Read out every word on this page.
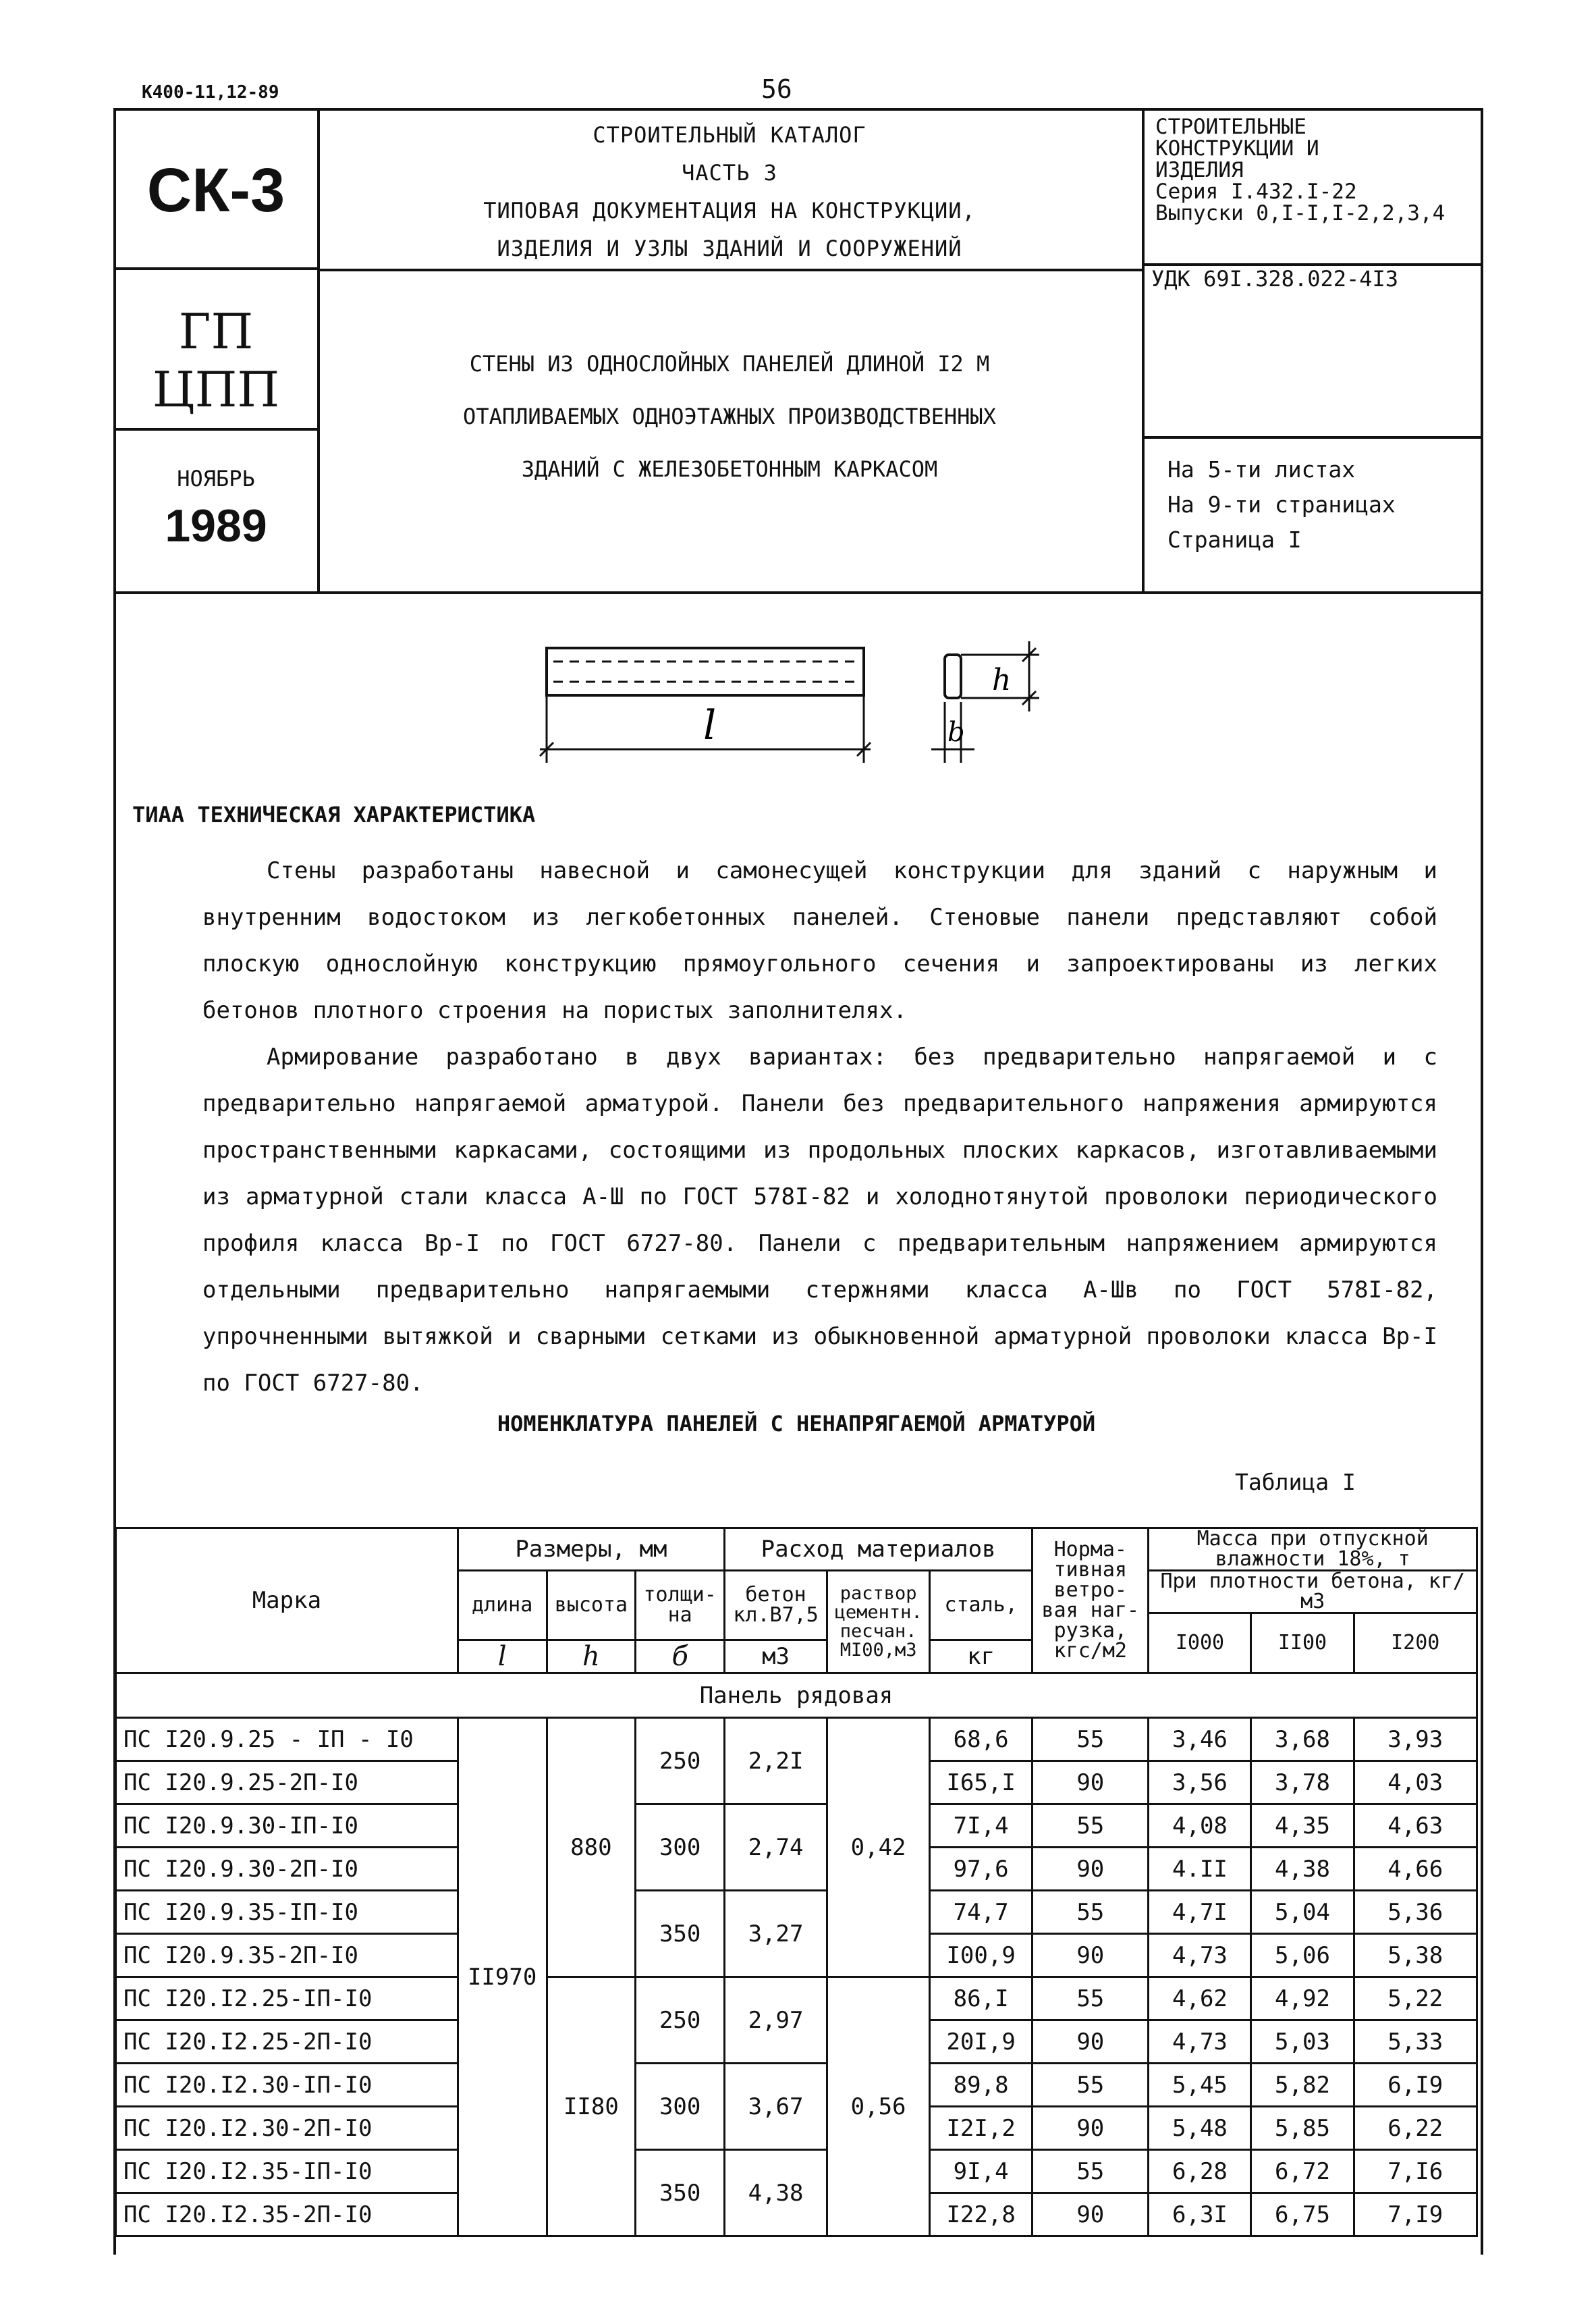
К400-11,12-89	56
СК-3
СТРОИТЕЛЬНЫЙ КАТАЛОГ
ЧАСТЬ 3
ТИПОВАЯ ДОКУМЕНТАЦИЯ НА КОНСТРУКЦИИ,
ИЗДЕЛИЯ И УЗЛЫ ЗДАНИЙ И СООРУЖЕНИЙ
СТРОИТЕЛЬНЫЕ
КОНСТРУКЦИИ И
ИЗДЕЛИЯ
Серия I.432.I-22
Выпуски 0,I-I,I-2,2,3,4
ГП
ЦПП	СТЕНЫ ИЗ ОДНОСЛОЙНЫХ ПАНЕЛЕЙ ДЛИНОЙ I2 М
ОТАПЛИВАЕМЫХ ОДНОЭТАЖНЫХ ПРОИЗВОДСТВЕННЫХ
ЗДАНИЙ С ЖЕЛЕЗОБЕТОННЫМ КАРКАСОМ
УДК 69I.328.022-4I3
НОЯБРЬ
1989
На 5-ти листах
На 9-ти страницах
Страница I
l
h
b
ТИАА ТЕХНИЧЕСКАЯ ХАРАКТЕРИСТИКА
Стены разработаны навесной и самонесущей конструкции для зданий с наружным и внутренним водостоком из легкобетонных панелей. Стеновые панели представляют собой плоскую однослойную конструкцию прямоугольного сечения и запроектированы из легких бетонов плотного строения на пористых заполнителях.
Армирование разработано в двух вариантах: без предварительно напрягаемой и с предварительно напрягаемой арматурой. Панели без предварительного напряжения армируются пространственными каркасами, состоящими из продольных плоских каркасов, изготавливаемыми из арматурной стали класса А-Ш по ГОСТ 578I-82 и холоднотянутой проволоки периодического профиля класса Вр-I по ГОСТ 6727-80. Панели с предварительным напряжением армируются отдельными предварительно напрягаемыми стержнями класса А-Шв по ГОСТ 578I-82, упрочненными вытяжкой и сварными сетками из обыкновенной арматурной проволоки класса Вр-I по ГОСТ 6727-80.
НОМЕНКЛАТУРА ПАНЕЛЕЙ С НЕНАПРЯГАЕМОЙ АРМАТУРОЙ
Таблица I
Марка	Размеры, мм			Расход материалов			Норма-тивная ветро-вая наг-рузка, кгс/м2	Масса при отпускной влажности 18%, т		
	длина	высота	толщи-на	бетон кл.В7,5	раствор цементн. песчан. МI00,м3	сталь,		При плотности бетона, кг/м3		
								I000	II00	I200
	l	h	б	м3		кг				
Панель рядовая										
ПС I20.9.25 - IП - I0	II970	880	250	2,2I	0,42	68,6	55	3,46	3,68	3,93
ПС I20.9.25-2П-I0						I65,I	90	3,56	3,78	4,03
ПС I20.9.30-IП-I0			300	2,74		7I,4	55	4,08	4,35	4,63
ПС I20.9.30-2П-I0						97,6	90	4.II	4,38	4,66
ПС I20.9.35-IП-I0			350	3,27		74,7	55	4,7I	5,04	5,36
ПС I20.9.35-2П-I0						I00,9	90	4,73	5,06	5,38
ПС I20.I2.25-IП-I0		II80	250	2,97	0,56	86,I	55	4,62	4,92	5,22
ПС I20.I2.25-2П-I0						20I,9	90	4,73	5,03	5,33
ПС I20.I2.30-IП-I0			300	3,67		89,8	55	5,45	5,82	6,I9
ПС I20.I2.30-2П-I0						I2I,2	90	5,48	5,85	6,22
ПС I20.I2.35-IП-I0			350	4,38		9I,4	55	6,28	6,72	7,I6
ПС I20.I2.35-2П-I0						I22,8	90	6,3I	6,75	7,I9
